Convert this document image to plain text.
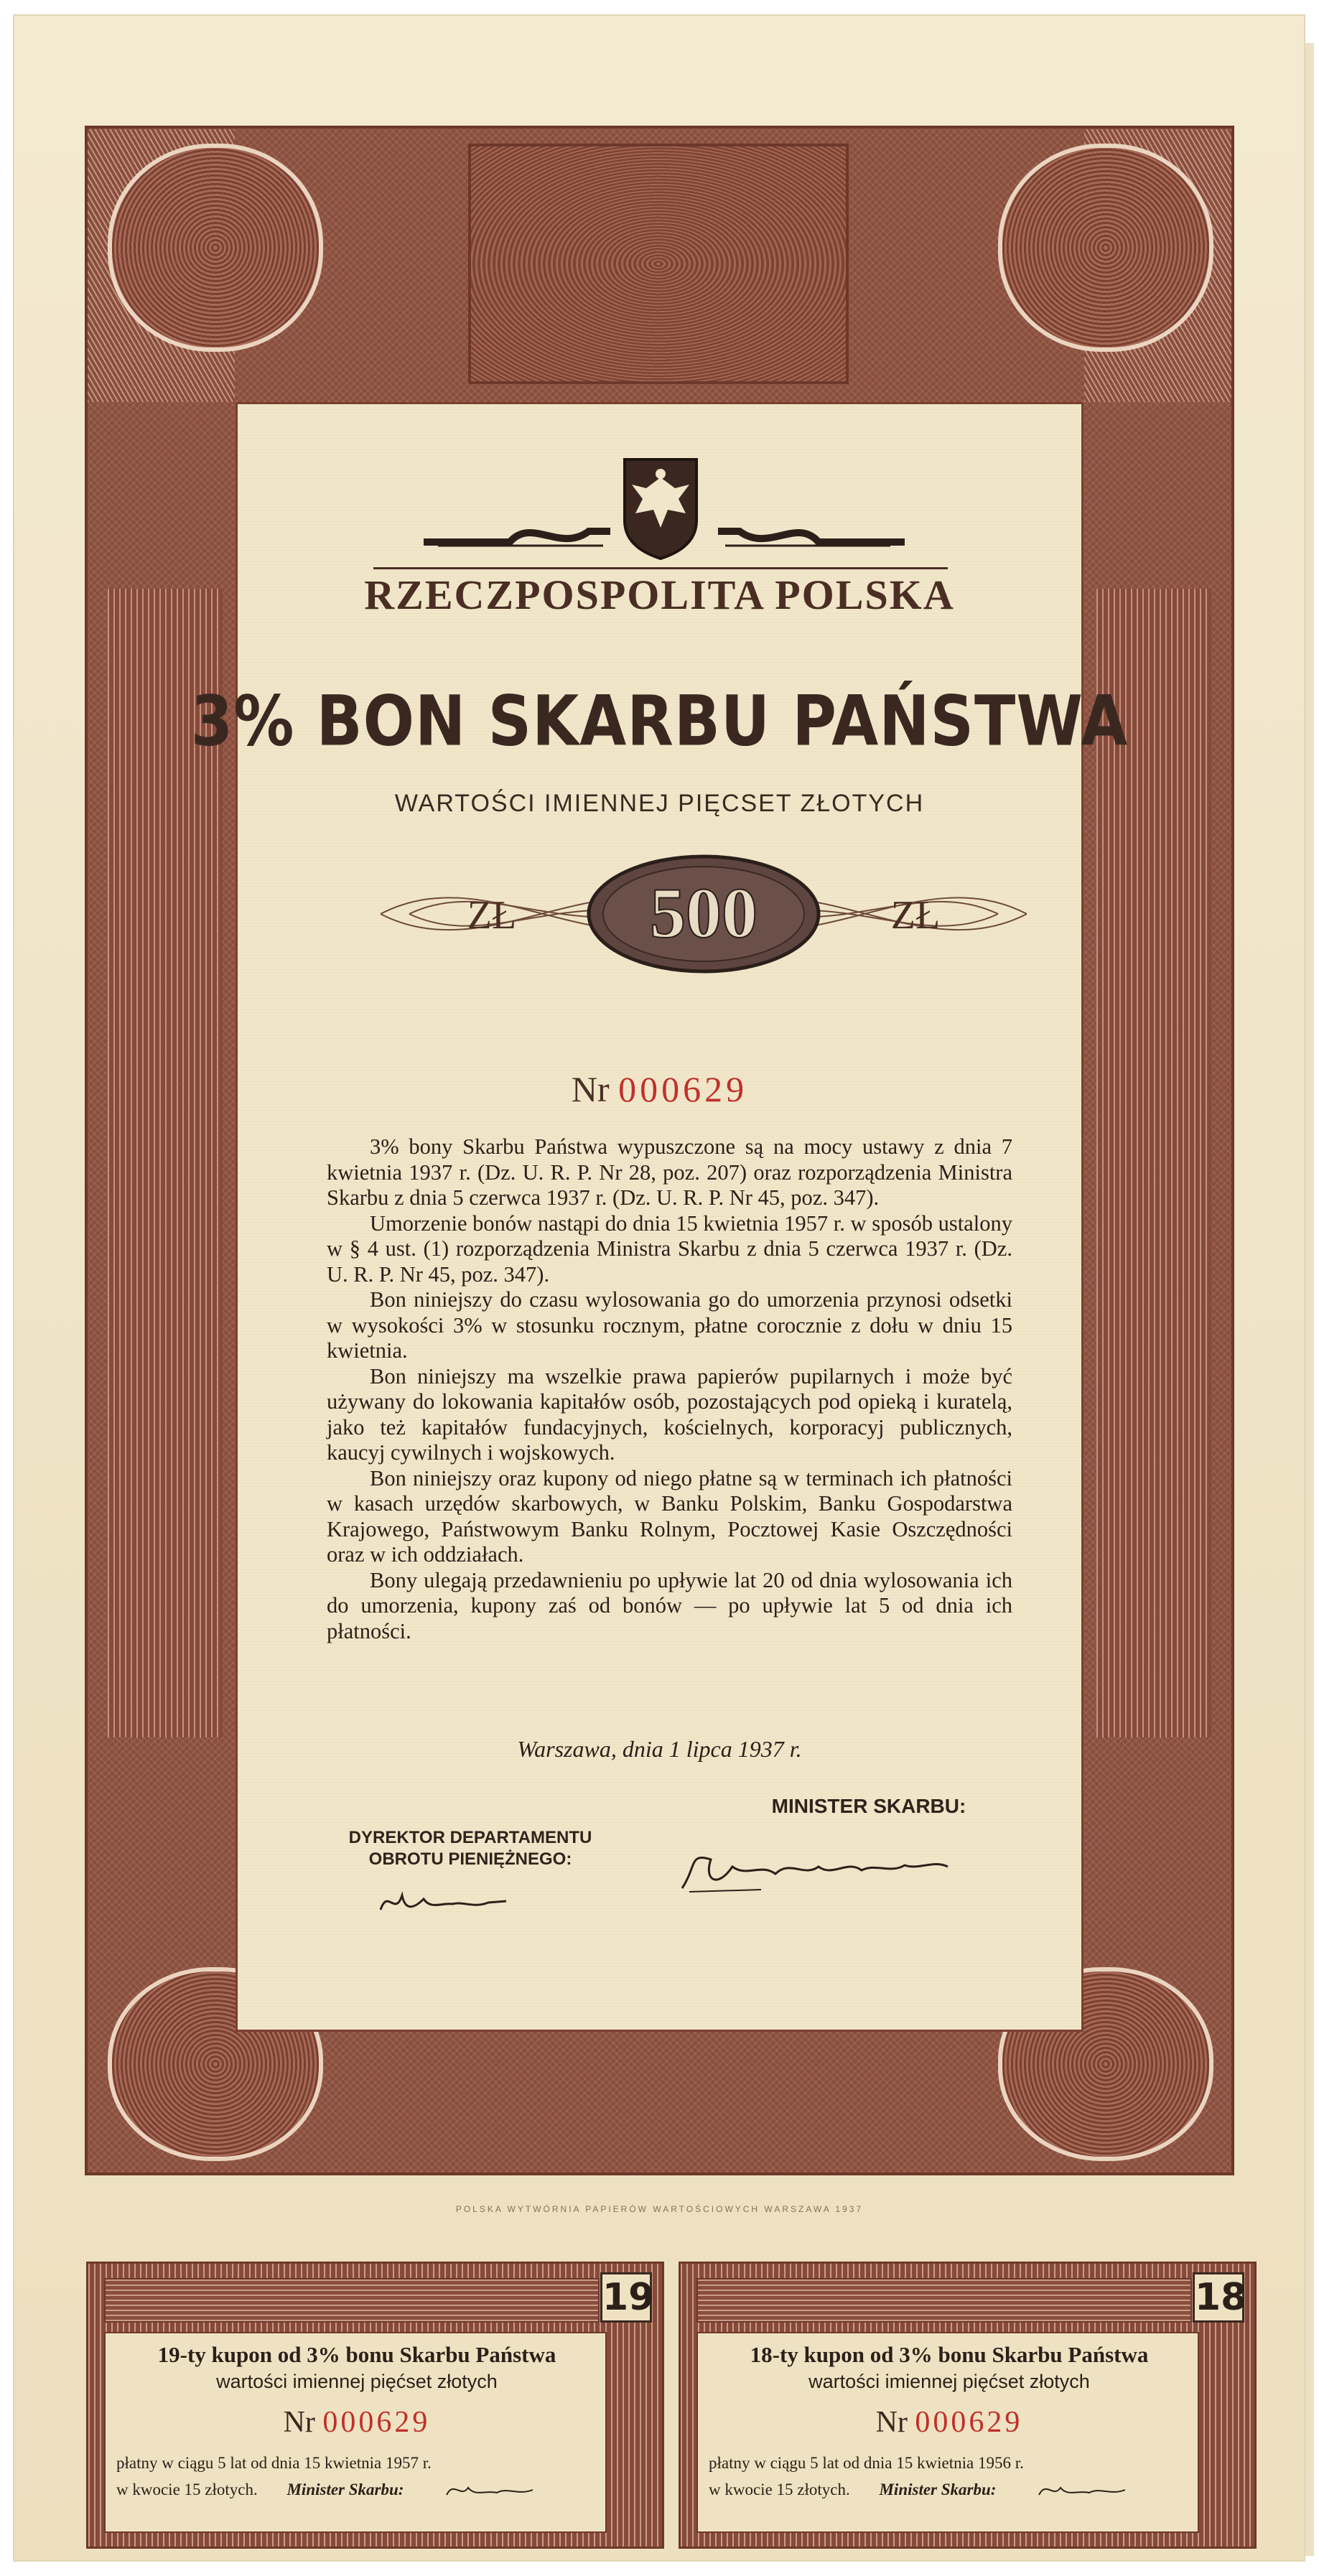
RZECZPOSPOLITA POLSKA
3% BON SKARBU PAŃSTWA
WARTOŚCI IMIENNEJ PIĘCSET ZŁOTYCH
500
ZŁ	ZŁ
Nr 000629

3% bony Skarbu Państwa wypuszczone są na mocy ustawy z dnia 7 kwietnia 1937 r. (Dz. U. R. P. Nr 28, poz. 207) oraz rozporządzenia Ministra Skarbu z dnia 5 czerwca 1937 r. (Dz. U. R. P. Nr 45, poz. 347).

Umorzenie bonów nastąpi do dnia 15 kwietnia 1957 r. w sposób ustalony w § 4 ust. (1) rozporządzenia Ministra Skarbu z dnia 5 czerwca 1937 r. (Dz. U. R. P. Nr 45, poz. 347).

Bon niniejszy do czasu wylosowania go do umorzenia przynosi odsetki w wysokości 3% w stosunku rocznym, płatne corocznie z dołu w dniu 15 kwietnia.

Bon niniejszy ma wszelkie prawa papierów pupilarnych i może być używany do lokowania kapitałów osób, pozostających pod opieką i kuratelą, jako też kapitałów fundacyjnych, kościelnych, korporacyj publicznych, kaucyj cywilnych i wojskowych.

Bon niniejszy oraz kupony od niego płatne są w terminach ich płatności w kasach urzędów skarbowych, w Banku Polskim, Banku Gospodarstwa Krajowego, Państwowym Banku Rolnym, Pocztowej Kasie Oszczędności oraz w ich oddziałach.

Bony ulegają przedawnieniu po upływie lat 20 od dnia wylosowania ich do umorzenia, kupony zaś od bonów — po upływie lat 5 od dnia ich płatności.

Warszawa, dnia 1 lipca 1937 r.
DYREKTOR DEPARTAMENTU
OBROTU PIENIĘŻNEGO:
MINISTER SKARBU:
POLSKA WYTWÓRNIA PAPIERÓW WARTOŚCIOWYCH WARSZAWA 1937
19
19-ty kupon od 3% bonu Skarbu Państwa
wartości imiennej pięćset złotych
Nr 000629
płatny w ciągu 5 lat od dnia 15 kwietnia 1957 r.
w kwocie 15 złotych. Minister Skarbu:
18
18-ty kupon od 3% bonu Skarbu Państwa
wartości imiennej pięćset złotych
Nr 000629
płatny w ciągu 5 lat od dnia 15 kwietnia 1956 r.
w kwocie 15 złotych. Minister Skarbu:
